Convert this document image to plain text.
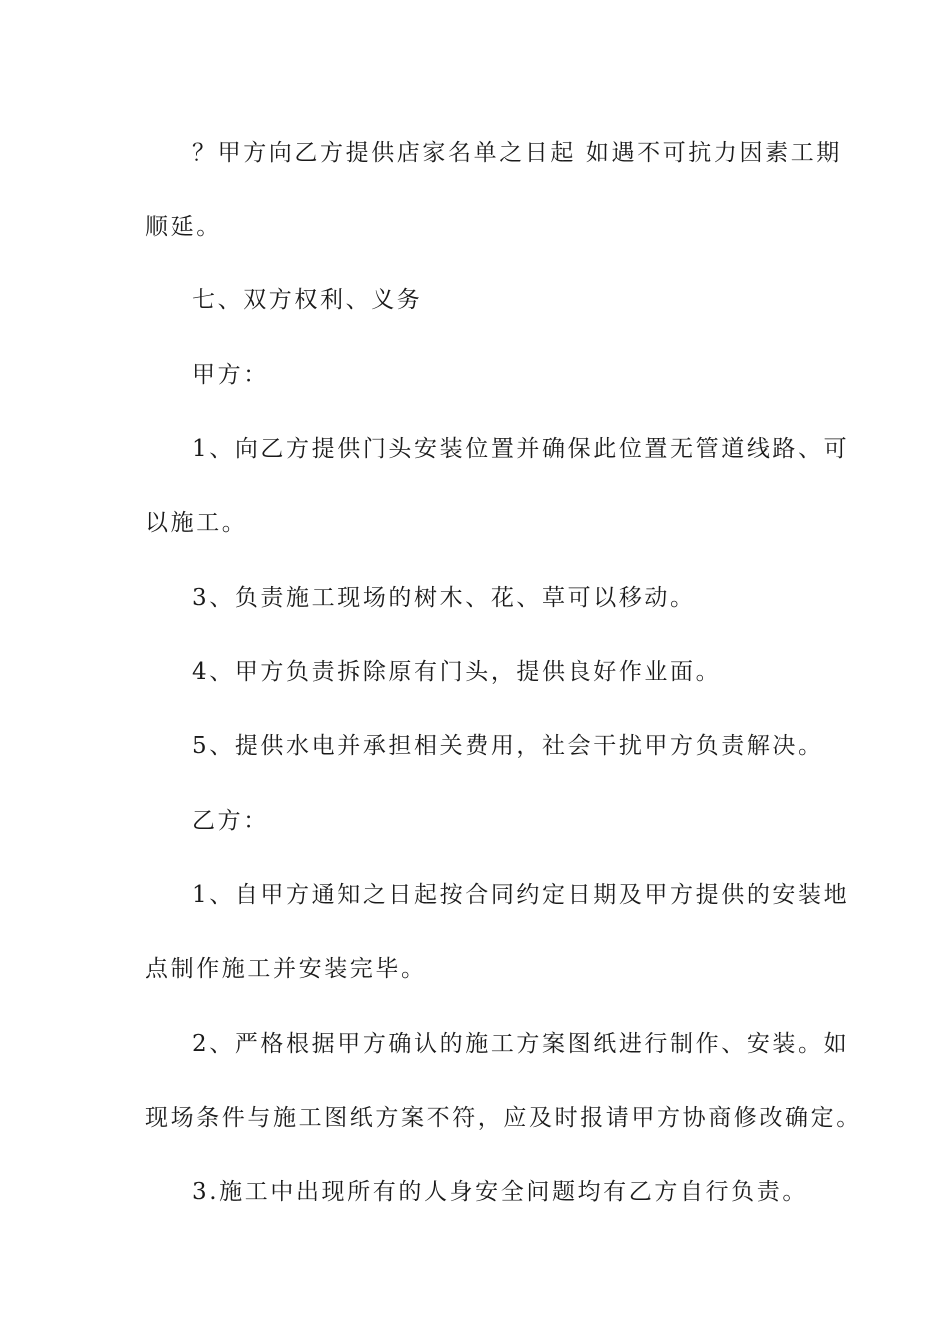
？甲方向乙方提供店家名单之日起 如遇不可抗力因素工期
顺延。
七、双方权利、义务
甲方：
1、向乙方提供门头安装位置并确保此位置无管道线路、可
以施工。
3、负责施工现场的树木、花、草可以移动。
4、甲方负责拆除原有门头，提供良好作业面。
5、提供水电并承担相关费用，社会干扰甲方负责解决。
乙方：
1、自甲方通知之日起按合同约定日期及甲方提供的安装地
点制作施工并安装完毕。
2、严格根据甲方确认的施工方案图纸进行制作、安装。如
现场条件与施工图纸方案不符，应及时报请甲方协商修改确定。
3.施工中出现所有的人身安全问题均有乙方自行负责。
